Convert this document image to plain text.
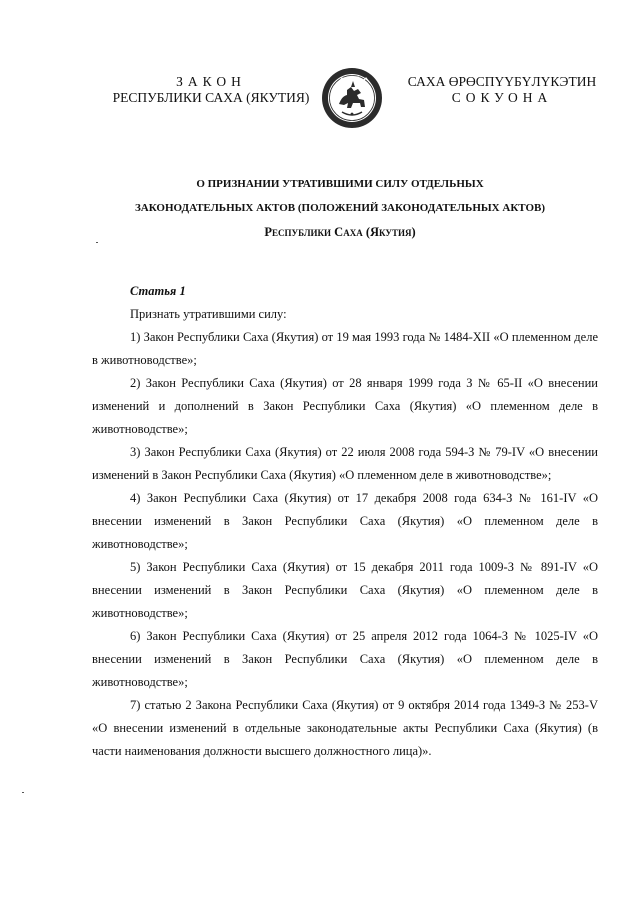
ЗАКОН
РЕСПУБЛИКИ САХА (ЯКУТИЯ)
САХА ӨРӨСПҮҮБҮЛҮКЭТИН
СОКУОНА
О ПРИЗНАНИИ УТРАТИВШИМИ СИЛУ ОТДЕЛЬНЫХ
ЗАКОНОДАТЕЛЬНЫХ АКТОВ (ПОЛОЖЕНИЙ ЗАКОНОДАТЕЛЬНЫХ АКТОВ)
Республики Саха (Якутия)

Статья 1

Признать утратившими силу:

1) Закон Республики Саха (Якутия) от 19 мая 1993 года № 1484-XII «О племенном деле в животноводстве»;

2) Закон Республики Саха (Якутия) от 28 января 1999 года З № 65-II «О внесении изменений и дополнений в Закон Республики Саха (Якутия) «О племенном деле в животноводстве»;

3) Закон Республики Саха (Якутия) от 22 июля 2008 года 594-З № 79-IV «О внесении изменений в Закон Республики Саха (Якутия) «О племенном деле в животноводстве»;

4) Закон Республики Саха (Якутия) от 17 декабря 2008 года 634-З № 161-IV «О внесении изменений в Закон Республики Саха (Якутия) «О племенном деле в животноводстве»;

5) Закон Республики Саха (Якутия) от 15 декабря 2011 года 1009-З № 891-IV «О внесении изменений в Закон Республики Саха (Якутия) «О племенном деле в животноводстве»;

6) Закон Республики Саха (Якутия) от 25 апреля 2012 года 1064-З № 1025-IV «О внесении изменений в Закон Республики Саха (Якутия) «О племенном деле в животноводстве»;

7) статью 2 Закона Республики Саха (Якутия) от 9 октября 2014 года 1349-З № 253-V «О внесении изменений в отдельные законодательные акты Республики Саха (Якутия) (в части наименования должности высшего должностного лица)».
